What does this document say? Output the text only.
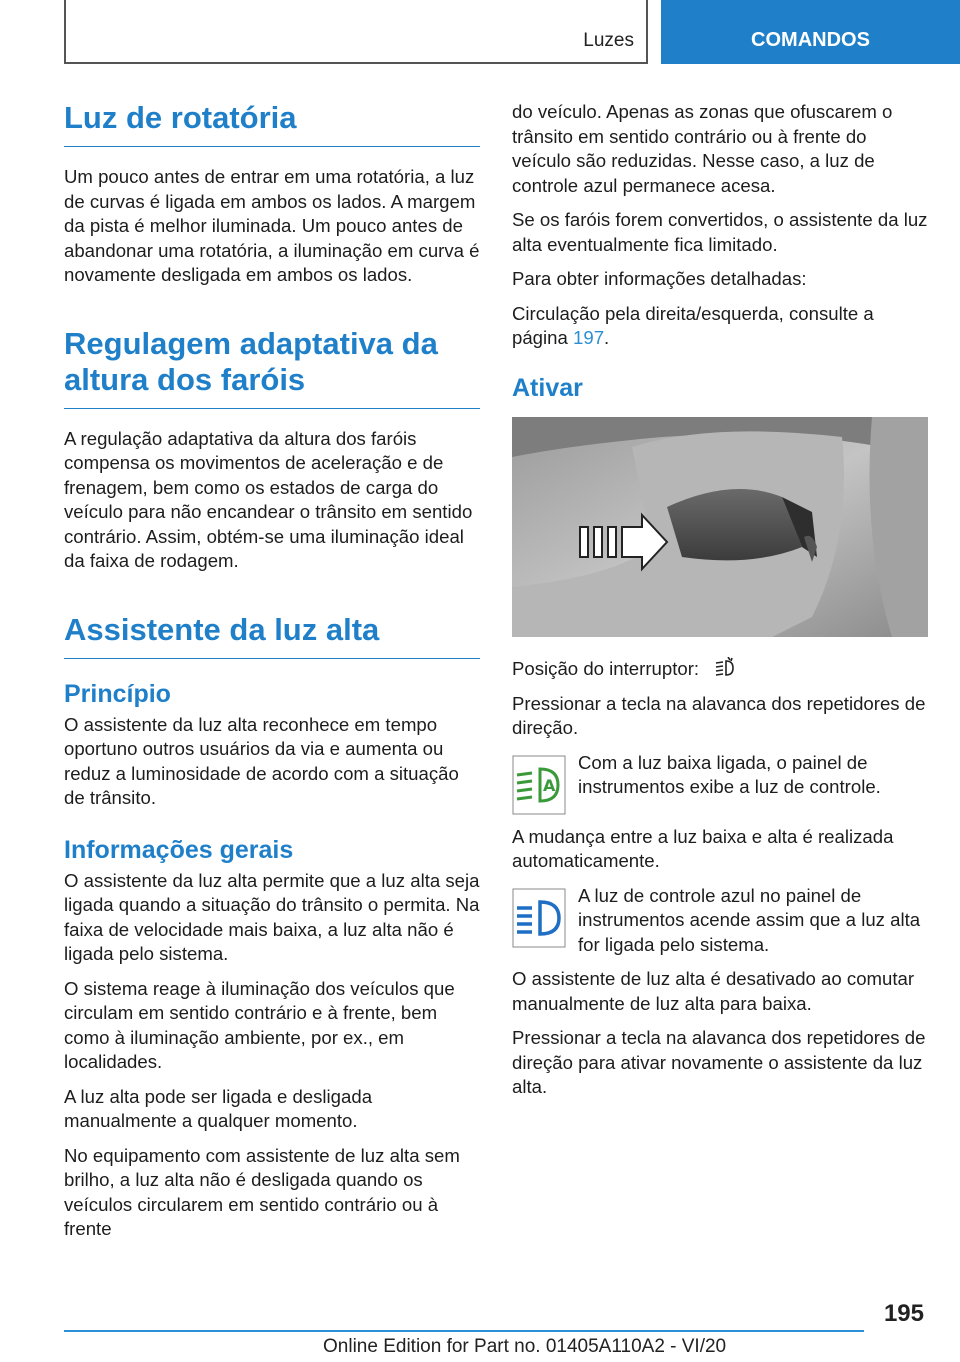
Luzes	COMANDOS
Luz de rotatória

Um pouco antes de entrar em uma rotatória, a luz de curvas é ligada em ambos os lados. A margem da pista é melhor iluminada. Um pouco antes de abandonar uma rotatória, a iluminação em curva é novamente desligada em ambos os lados.

Regulagem adaptativa da altura dos faróis

A regulação adaptativa da altura dos faróis compensa os movimentos de aceleração e de frenagem, bem como os estados de carga do veículo para não encandear o trânsito em sentido contrário. Assim, obtém-se uma iluminação ideal da faixa de rodagem.

Assistente da luz alta
Princípio

O assistente da luz alta reconhece em tempo oportuno outros usuários da via e aumenta ou reduz a luminosidade de acordo com a situação de trânsito.

Informações gerais

O assistente da luz alta permite que a luz alta seja ligada quando a situação do trânsito o permita. Na faixa de velocidade mais baixa, a luz alta não é ligada pelo sistema.

O sistema reage à iluminação dos veículos que circulam em sentido contrário e à frente, bem como à iluminação ambiente, por ex., em localidades.

A luz alta pode ser ligada e desligada manualmente a qualquer momento.

No equipamento com assistente de luz alta sem brilho, a luz alta não é desligada quando os veículos circularem em sentido contrário ou à frente

do veículo. Apenas as zonas que ofuscarem o trânsito em sentido contrário ou à frente do veículo são reduzidas. Nesse caso, a luz de controle azul permanece acesa.

Se os faróis forem convertidos, o assistente da luz alta eventualmente fica limitado.

Para obter informações detalhadas:

Circulação pela direita/esquerda, consulte a página 197.

Ativar

Posição do interruptor:

Pressionar a tecla na alavanca dos repetidores de direção.

A

Com a luz baixa ligada, o painel de instrumentos exibe a luz de controle.

A mudança entre a luz baixa e alta é realizada automaticamente.

A luz de controle azul no painel de instrumentos acende assim que a luz alta for ligada pelo sistema.

O assistente de luz alta é desativado ao comutar manualmente de luz alta para baixa.

Pressionar a tecla na alavanca dos repetidores de direção para ativar novamente o assistente da luz alta.

195
Online Edition for Part no. 01405A110A2 - VI/20
